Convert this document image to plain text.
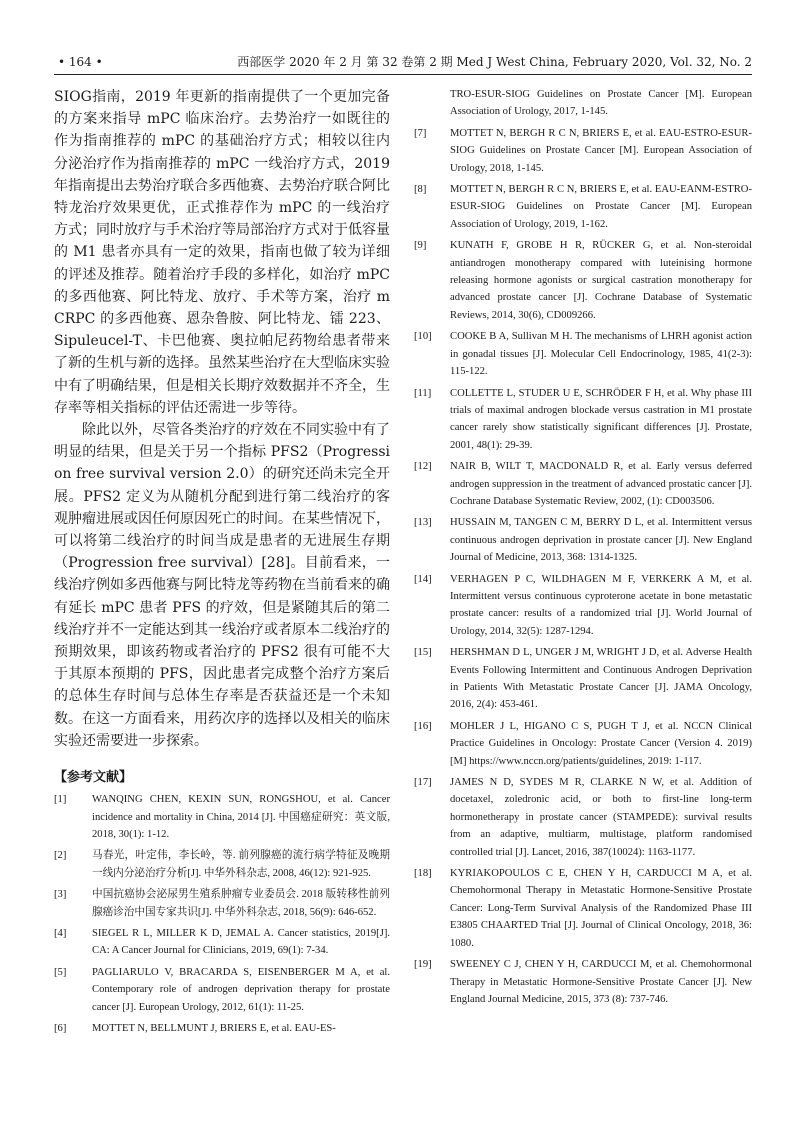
• 164 •	西部医学 2020 年 2 月 第 32 卷第 2 期 Med J West China, February 2020, Vol. 32, No. 2

SIOG指南，2019 年更新的指南提供了一个更加完备的方案来指导 mPC 临床治疗。去势治疗一如既往的作为指南推荐的 mPC 的基础治疗方式；相较以往内分泌治疗作为指南推荐的 mPC 一线治疗方式，2019 年指南提出去势治疗联合多西他赛、去势治疗联合阿比特龙治疗效果更优，正式推荐作为 mPC 的一线治疗方式；同时放疗与手术治疗等局部治疗方式对于低容量的 M1 患者亦具有一定的效果，指南也做了较为详细的评述及推荐。随着治疗手段的多样化，如治疗 mPC 的多西他赛、阿比特龙、放疗、手术等方案，治疗 mCRPC 的多西他赛、恩杂鲁胺、阿比特龙、镭 223、Sipuleucel-T、卡巴他赛、奥拉帕尼药物给患者带来了新的生机与新的选择。虽然某些治疗在大型临床实验中有了明确结果，但是相关长期疗效数据并不齐全，生存率等相关指标的评估还需进一步等待。

除此以外，尽管各类治疗的疗效在不同实验中有了明显的结果，但是关于另一个指标 PFS2（Progression free survival version 2.0）的研究还尚未完全开展。PFS2 定义为从随机分配到进行第二线治疗的客观肿瘤进展或因任何原因死亡的时间。在某些情况下，可以将第二线治疗的时间当成是患者的无进展生存期（Progression free survival）[28]。目前看来，一线治疗例如多西他赛与阿比特龙等药物在当前看来的确有延长 mPC 患者 PFS 的疗效，但是紧随其后的第二线治疗并不一定能达到其一线治疗或者原本二线治疗的预期效果，即该药物或者治疗的 PFS2 很有可能不大于其原本预期的 PFS，因此患者完成整个治疗方案后的总体生存时间与总体生存率是否获益还是一个未知数。在这一方面看来，用药次序的选择以及相关的临床实验还需要进一步探索。

【参考文献】
[1]	WANQING CHEN, KEXIN SUN, RONGSHOU, et al. Cancer incidence and mortality in China, 2014 [J]. 中国癌症研究：英文版, 2018, 30(1): 1-12.
[2]	马春光，叶定伟，李长岭，等. 前列腺癌的流行病学特征及晚期一线内分泌治疗分析[J]. 中华外科杂志, 2008, 46(12): 921-925.
[3]	中国抗癌协会泌尿男生殖系肿瘤专业委员会. 2018 版转移性前列腺癌诊治中国专家共识[J]. 中华外科杂志, 2018, 56(9): 646-652.
[4]	SIEGEL R L, MILLER K D, JEMAL A. Cancer statistics, 2019[J]. CA: A Cancer Journal for Clinicians, 2019, 69(1): 7-34.
[5]	PAGLIARULO V, BRACARDA S, EISENBERGER M A, et al. Contemporary role of androgen deprivation therapy for prostate cancer [J]. European Urology, 2012, 61(1): 11-25.
[6]	MOTTET N, BELLMUNT J, BRIERS E, et al. EAU-ES-
TRO-ESUR-SIOG Guidelines on Prostate Cancer [M]. European Association of Urology, 2017, 1-145.
[7]	MOTTET N, BERGH R C N, BRIERS E, et al. EAU-ESTRO-ESUR-SIOG Guidelines on Prostate Cancer [M]. European Association of Urology, 2018, 1-145.
[8]	MOTTET N, BERGH R C N, BRIERS E, et al. EAU-EANM-ESTRO-ESUR-SIOG Guidelines on Prostate Cancer [M]. European Association of Urology, 2019, 1-162.
[9]	KUNATH F, GROBE H R, RÜCKER G, et al. Non-steroidal antiandrogen monotherapy compared with luteinising hormone releasing hormone agonists or surgical castration monotherapy for advanced prostate cancer [J]. Cochrane Database of Systematic Reviews, 2014, 30(6), CD009266.
[10]	COOKE B A, Sullivan M H. The mechanisms of LHRH agonist action in gonadal tissues [J]. Molecular Cell Endocrinology, 1985, 41(2-3): 115-122.
[11]	COLLETTE L, STUDER U E, SCHRÖDER F H, et al. Why phase III trials of maximal androgen blockade versus castration in M1 prostate cancer rarely show statistically significant differences [J]. Prostate, 2001, 48(1): 29-39.
[12]	NAIR B, WILT T, MACDONALD R, et al. Early versus deferred androgen suppression in the treatment of advanced prostatic cancer [J]. Cochrane Database Systematic Review, 2002, (1): CD003506.
[13]	HUSSAIN M, TANGEN C M, BERRY D L, et al. Intermittent versus continuous androgen deprivation in prostate cancer [J]. New England Journal of Medicine, 2013, 368: 1314-1325.
[14]	VERHAGEN P C, WILDHAGEN M F, VERKERK A M, et al. Intermittent versus continuous cyproterone acetate in bone metastatic prostate cancer: results of a randomized trial [J]. World Journal of Urology, 2014, 32(5): 1287-1294.
[15]	HERSHMAN D L, UNGER J M, WRIGHT J D, et al. Adverse Health Events Following Intermittent and Continuous Androgen Deprivation in Patients With Metastatic Prostate Cancer [J]. JAMA Oncology, 2016, 2(4): 453-461.
[16]	MOHLER J L, HIGANO C S, PUGH T J, et al. NCCN Clinical Practice Guidelines in Oncology: Prostate Cancer (Version 4. 2019) [M] https://www.nccn.org/patients/guidelines, 2019: 1-117.
[17]	JAMES N D, SYDES M R, CLARKE N W, et al. Addition of docetaxel, zoledronic acid, or both to first-line long-term hormonetherapy in prostate cancer (STAMPEDE): survival results from an adaptive, multiarm, multistage, platform randomised controlled trial [J]. Lancet, 2016, 387(10024): 1163-1177.
[18]	KYRIAKOPOULOS C E, CHEN Y H, CARDUCCI M A, et al. Chemohormonal Therapy in Metastatic Hormone-Sensitive Prostate Cancer: Long-Term Survival Analysis of the Randomized Phase III E3805 CHAARTED Trial [J]. Journal of Clinical Oncology, 2018, 36: 1080.
[19]	SWEENEY C J, CHEN Y H, CARDUCCI M, et al. Chemohormonal Therapy in Metastatic Hormone-Sensitive Prostate Cancer [J]. New England Journal Medicine, 2015, 373 (8): 737-746.
